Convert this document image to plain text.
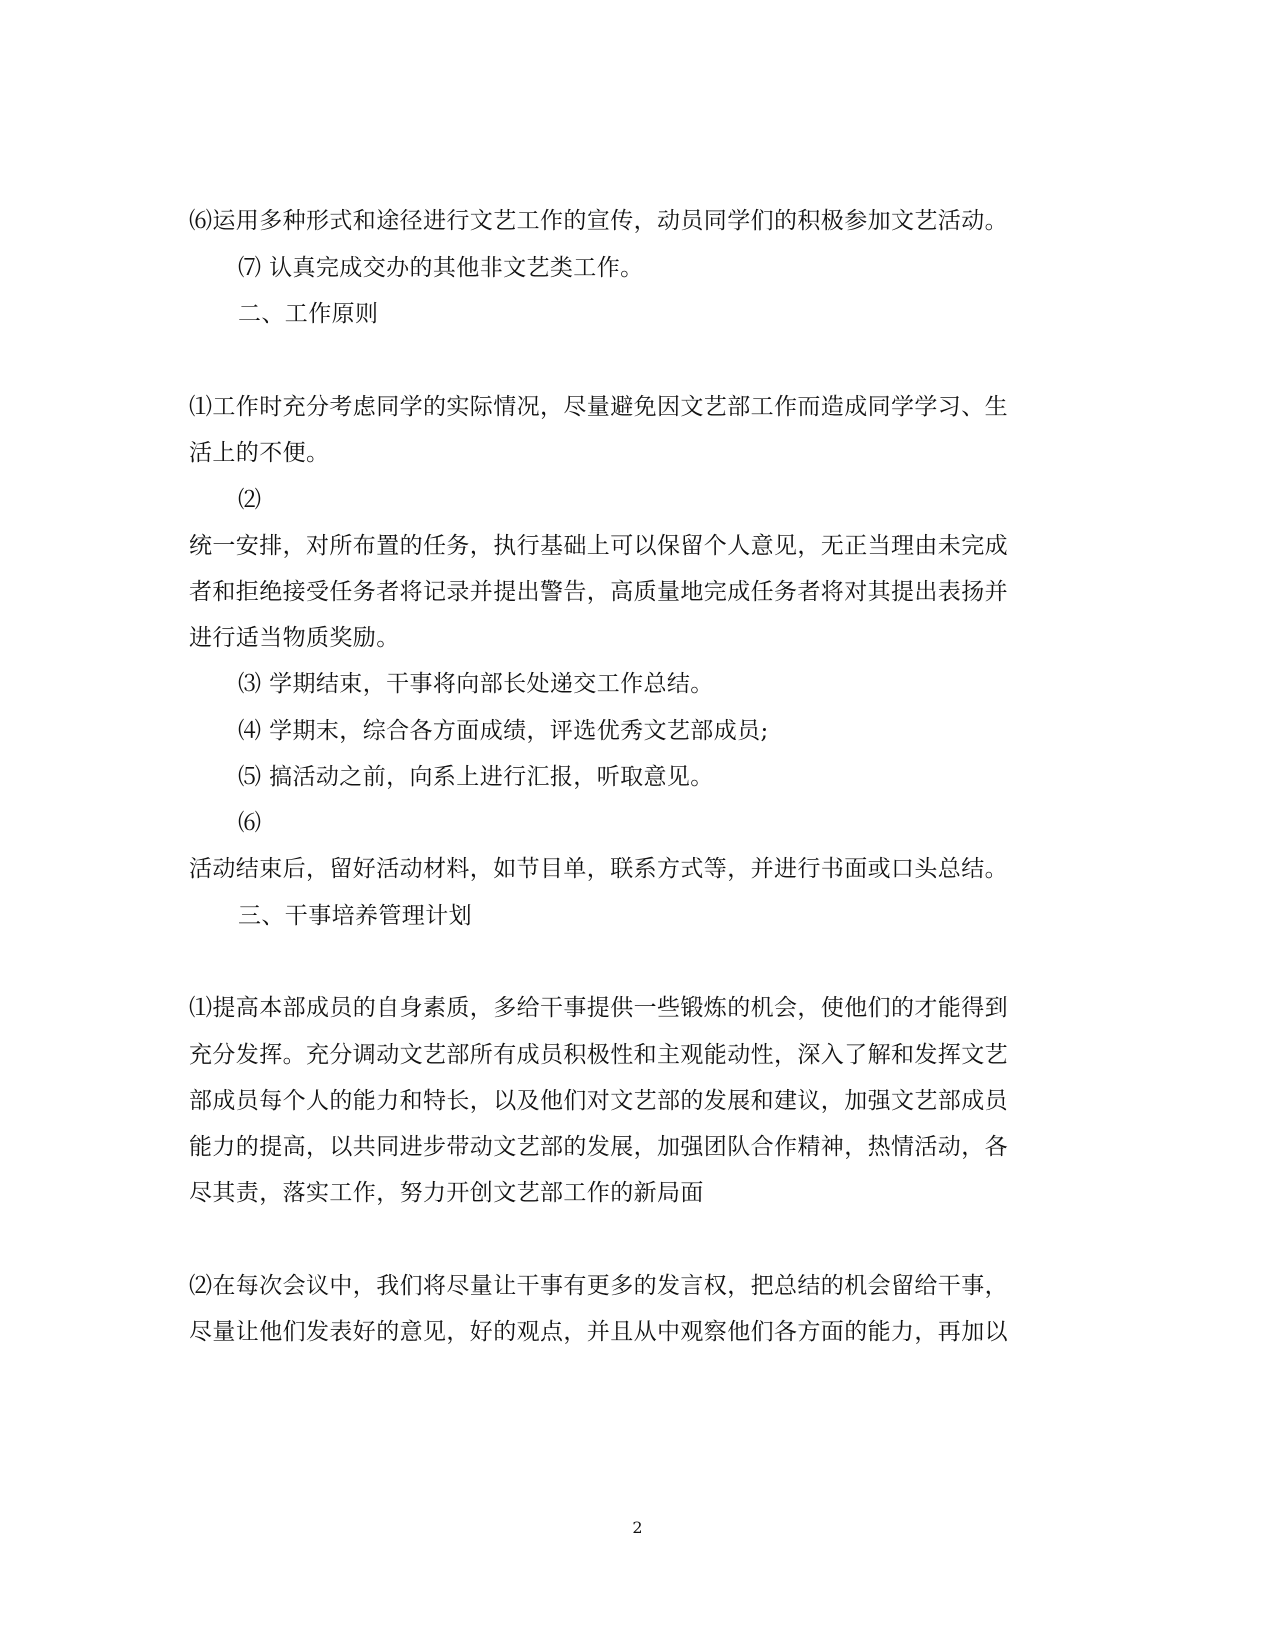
⑹运用多种形式和途径进行文艺工作的宣传，动员同学们的积极参加文艺活动。
⑺ 认真完成交办的其他非文艺类工作。
二、工作原则
⑴工作时充分考虑同学的实际情况，尽量避免因文艺部工作而造成同学学习、生
活上的不便。
⑵
统一安排，对所布置的任务，执行基础上可以保留个人意见，无正当理由未完成
者和拒绝接受任务者将记录并提出警告，高质量地完成任务者将对其提出表扬并
进行适当物质奖励。
⑶ 学期结束，干事将向部长处递交工作总结。
⑷ 学期末，综合各方面成绩，评选优秀文艺部成员;
⑸ 搞活动之前，向系上进行汇报，听取意见。
⑹
活动结束后，留好活动材料，如节目单，联系方式等，并进行书面或口头总结。
三、干事培养管理计划
⑴提高本部成员的自身素质，多给干事提供一些锻炼的机会，使他们的才能得到
充分发挥。充分调动文艺部所有成员积极性和主观能动性，深入了解和发挥文艺
部成员每个人的能力和特长，以及他们对文艺部的发展和建议，加强文艺部成员
能力的提高，以共同进步带动文艺部的发展，加强团队合作精神，热情活动，各
尽其责，落实工作，努力开创文艺部工作的新局面
⑵在每次会议中，我们将尽量让干事有更多的发言权，把总结的机会留给干事，
尽量让他们发表好的意见，好的观点，并且从中观察他们各方面的能力，再加以
2
